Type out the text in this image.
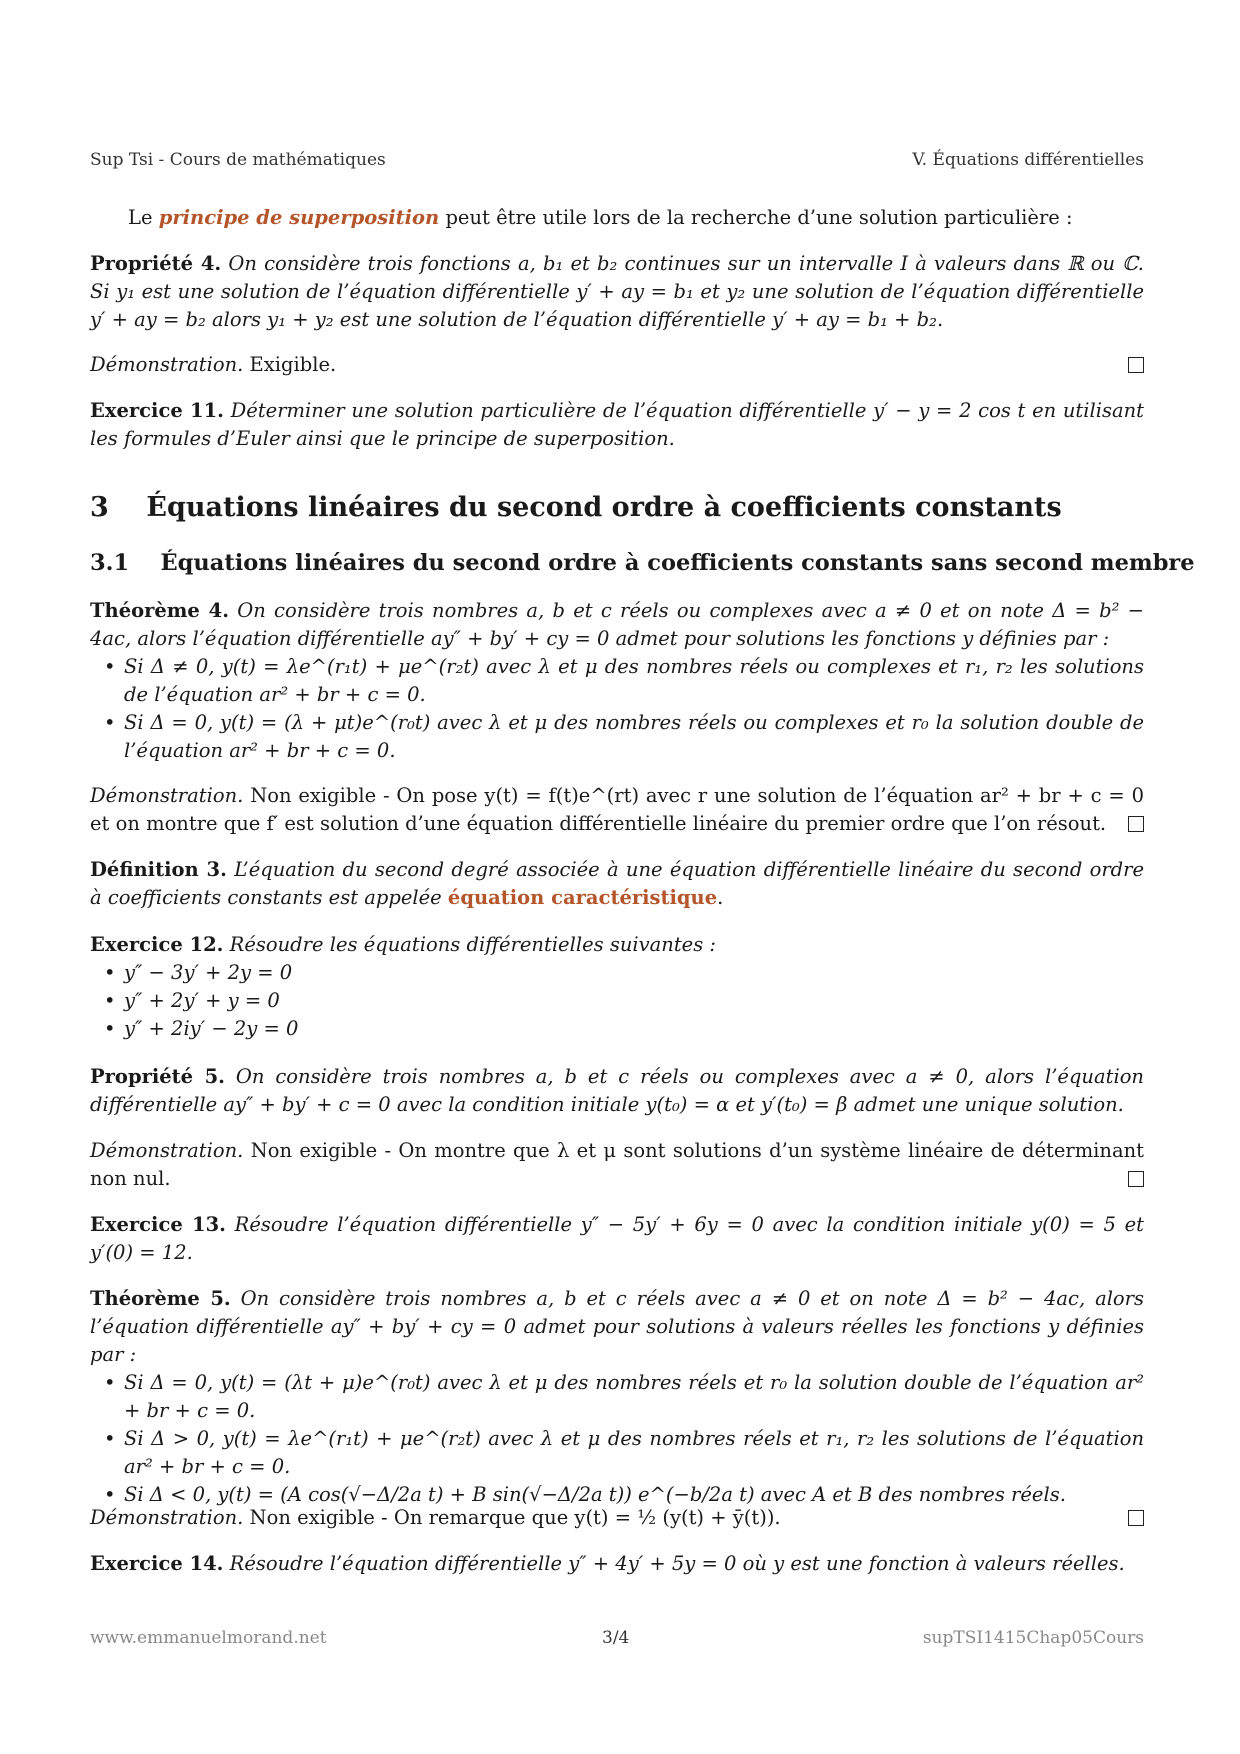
Sup Tsi - Cours de mathématiques	V. Équations différentielles
Le principe de superposition peut être utile lors de la recherche d’une solution particulière :
Propriété 4. On considère trois fonctions a, b₁ et b₂ continues sur un intervalle I à valeurs dans ℝ ou ℂ. Si y₁ est une solution de l’équation différentielle y′ + ay = b₁ et y₂ une solution de l’équation différentielle y′ + ay = b₂ alors y₁ + y₂ est une solution de l’équation différentielle y′ + ay = b₁ + b₂.
Démonstration. Exigible.
Exercice 11. Déterminer une solution particulière de l’équation différentielle y′ − y = 2 cos t en utilisant les formules d’Euler ainsi que le principe de superposition.
3 Équations linéaires du second ordre à coefficients constants
3.1 Équations linéaires du second ordre à coefficients constants sans second membre
Théorème 4. On considère trois nombres a, b et c réels ou complexes avec a ≠ 0 et on note Δ = b² − 4ac, alors l’équation différentielle ay″ + by′ + cy = 0 admet pour solutions les fonctions y définies par :
• Si Δ ≠ 0, y(t) = λe^(r₁t) + μe^(r₂t) avec λ et μ des nombres réels ou complexes et r₁, r₂ les solutions de l’équation ar² + br + c = 0.
• Si Δ = 0, y(t) = (λ + μt)e^(r₀t) avec λ et μ des nombres réels ou complexes et r₀ la solution double de l’équation ar² + br + c = 0.
Démonstration. Non exigible - On pose y(t) = f(t)e^(rt) avec r une solution de l’équation ar² + br + c = 0 et on montre que f′ est solution d’une équation différentielle linéaire du premier ordre que l’on résout.
Définition 3. L’équation du second degré associée à une équation différentielle linéaire du second ordre à coefficients constants est appelée équation caractéristique.
Exercice 12. Résoudre les équations différentielles suivantes :
• y″ − 3y′ + 2y = 0
• y″ + 2y′ + y = 0
• y″ + 2iy′ − 2y = 0
Propriété 5. On considère trois nombres a, b et c réels ou complexes avec a ≠ 0, alors l’équation différentielle ay″ + by′ + c = 0 avec la condition initiale y(t₀) = α et y′(t₀) = β admet une unique solution.
Démonstration. Non exigible - On montre que λ et μ sont solutions d’un système linéaire de déterminant non nul.
Exercice 13. Résoudre l’équation différentielle y″ − 5y′ + 6y = 0 avec la condition initiale y(0) = 5 et y′(0) = 12.
Théorème 5. On considère trois nombres a, b et c réels avec a ≠ 0 et on note Δ = b² − 4ac, alors l’équation différentielle ay″ + by′ + cy = 0 admet pour solutions à valeurs réelles les fonctions y définies par :
• Si Δ = 0, y(t) = (λt + μ)e^(r₀t) avec λ et μ des nombres réels et r₀ la solution double de l’équation ar² + br + c = 0.
• Si Δ > 0, y(t) = λe^(r₁t) + μe^(r₂t) avec λ et μ des nombres réels et r₁, r₂ les solutions de l’équation ar² + br + c = 0.
• Si Δ < 0, y(t) = (A cos(√−Δ/2a t) + B sin(√−Δ/2a t)) e^(−b/2a t) avec A et B des nombres réels.
Démonstration. Non exigible - On remarque que y(t) = ½ (y(t) + ȳ(t)).
Exercice 14. Résoudre l’équation différentielle y″ + 4y′ + 5y = 0 où y est une fonction à valeurs réelles.
www.emmanuelmorand.net	3/4	supTSI1415Chap05Cours
